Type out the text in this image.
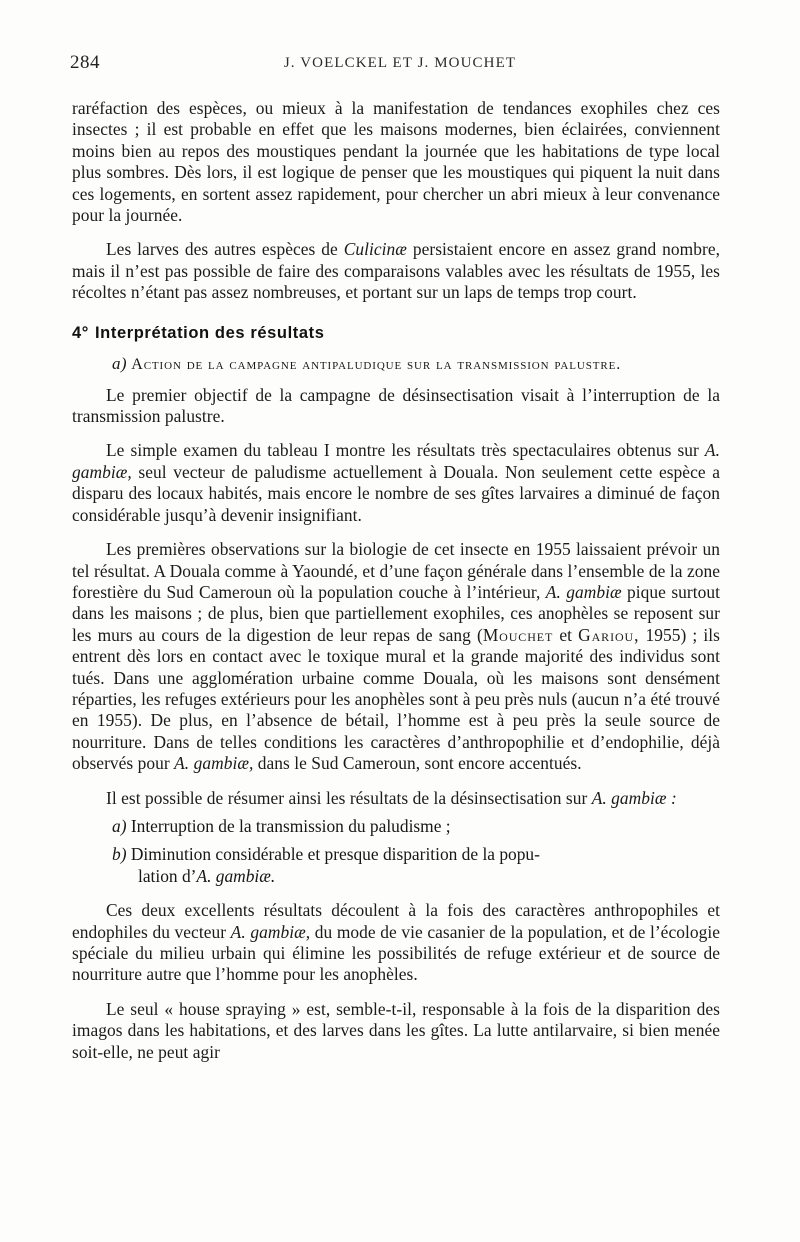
284	J. VOELCKEL ET J. MOUCHET

raréfaction des espèces, ou mieux à la manifestation de tendances exophiles chez ces insectes ; il est probable en effet que les maisons modernes, bien éclairées, conviennent moins bien au repos des moustiques pendant la journée que les habitations de type local plus sombres. Dès lors, il est logique de penser que les moustiques qui piquent la nuit dans ces logements, en sortent assez rapidement, pour chercher un abri mieux à leur convenance pour la journée.

Les larves des autres espèces de Culicinæ persistaient encore en assez grand nombre, mais il n’est pas possible de faire des comparaisons valables avec les résultats de 1955, les récoltes n’étant pas assez nombreuses, et portant sur un laps de temps trop court.

4° Interprétation des résultats
a) Action de la campagne antipaludique sur la transmission palustre.

Le premier objectif de la campagne de désinsectisation visait à l’interruption de la transmission palustre.

Le simple examen du tableau I montre les résultats très spectaculaires obtenus sur A. gambiæ, seul vecteur de paludisme actuellement à Douala. Non seulement cette espèce a disparu des locaux habités, mais encore le nombre de ses gîtes larvaires a diminué de façon considérable jusqu’à devenir insignifiant.

Les premières observations sur la biologie de cet insecte en 1955 laissaient prévoir un tel résultat. A Douala comme à Yaoundé, et d’une façon générale dans l’ensemble de la zone forestière du Sud Cameroun où la population couche à l’intérieur, A. gambiæ pique surtout dans les maisons ; de plus, bien que partiellement exophiles, ces anophèles se reposent sur les murs au cours de la digestion de leur repas de sang (Mouchet et Gariou, 1955) ; ils entrent dès lors en contact avec le toxique mural et la grande majorité des individus sont tués. Dans une agglomération urbaine comme Douala, où les maisons sont densément réparties, les refuges extérieurs pour les anophèles sont à peu près nuls (aucun n’a été trouvé en 1955). De plus, en l’absence de bétail, l’homme est à peu près la seule source de nourriture. Dans de telles conditions les caractères d’anthropophilie et d’endophilie, déjà observés pour A. gambiæ, dans le Sud Cameroun, sont encore accentués.

Il est possible de résumer ainsi les résultats de la désinsectisation sur A. gambiæ :

a) Interruption de la transmission du paludisme ;
b) Diminution considérable et presque disparition de la popu-
lation d’A. gambiæ.

Ces deux excellents résultats découlent à la fois des caractères anthropophiles et endophiles du vecteur A. gambiæ, du mode de vie casanier de la population, et de l’écologie spéciale du milieu urbain qui élimine les possibilités de refuge extérieur et de source de nourriture autre que l’homme pour les anophèles.

Le seul « house spraying » est, semble-t-il, responsable à la fois de la disparition des imagos dans les habitations, et des larves dans les gîtes. La lutte antilarvaire, si bien menée soit-elle, ne peut agir
